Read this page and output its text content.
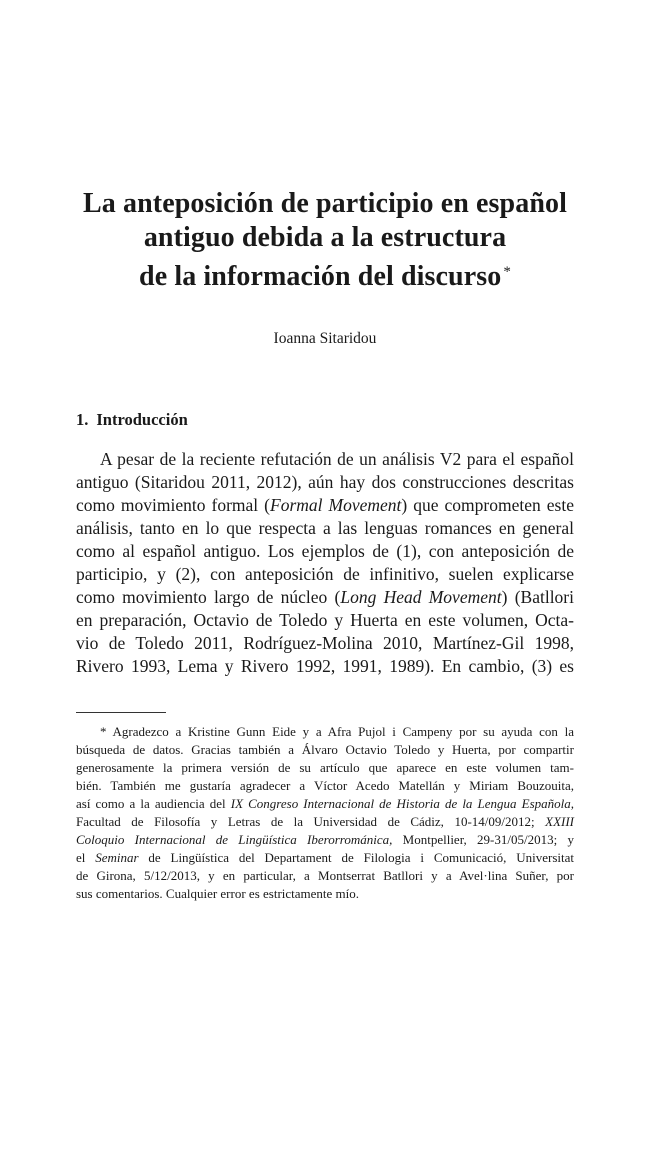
La anteposición de participio en español
antiguo debida a la estructura
de la información del discurso *
Ioanna Sitaridou
1. Introducción
A pesar de la reciente refutación de un análisis V2 para el español
antiguo (Sitaridou 2011, 2012), aún hay dos construcciones descritas
como movimiento formal (Formal Movement) que comprometen este
análisis, tanto en lo que respecta a las lenguas romances en general
como al español antiguo. Los ejemplos de (1), con anteposición de
participio, y (2), con anteposición de infinitivo, suelen explicarse
como movimiento largo de núcleo (Long Head Movement) (Batllori
en preparación, Octavio de Toledo y Huerta en este volumen, Octa-
vio de Toledo 2011, Rodríguez-Molina 2010, Martínez-Gil 1998,
Rivero 1993, Lema y Rivero 1992, 1991, 1989). En cambio, (3) es
* Agradezco a Kristine Gunn Eide y a Afra Pujol i Campeny por su ayuda con la
búsqueda de datos. Gracias también a Álvaro Octavio Toledo y Huerta, por compartir
generosamente la primera versión de su artículo que aparece en este volumen tam-
bién. También me gustaría agradecer a Víctor Acedo Matellán y Miriam Bouzouita,
así como a la audiencia del IX Congreso Internacional de Historia de la Lengua Española,
Facultad de Filosofía y Letras de la Universidad de Cádiz, 10-14/09/2012; XXIII
Coloquio Internacional de Lingüística Iberorrománica, Montpellier, 29-31/05/2013; y
el Seminar de Lingüística del Departament de Filologia i Comunicació, Universitat
de Girona, 5/12/2013, y en particular, a Montserrat Batllori y a Avel·lina Suñer, por
sus comentarios. Cualquier error es estrictamente mío.
